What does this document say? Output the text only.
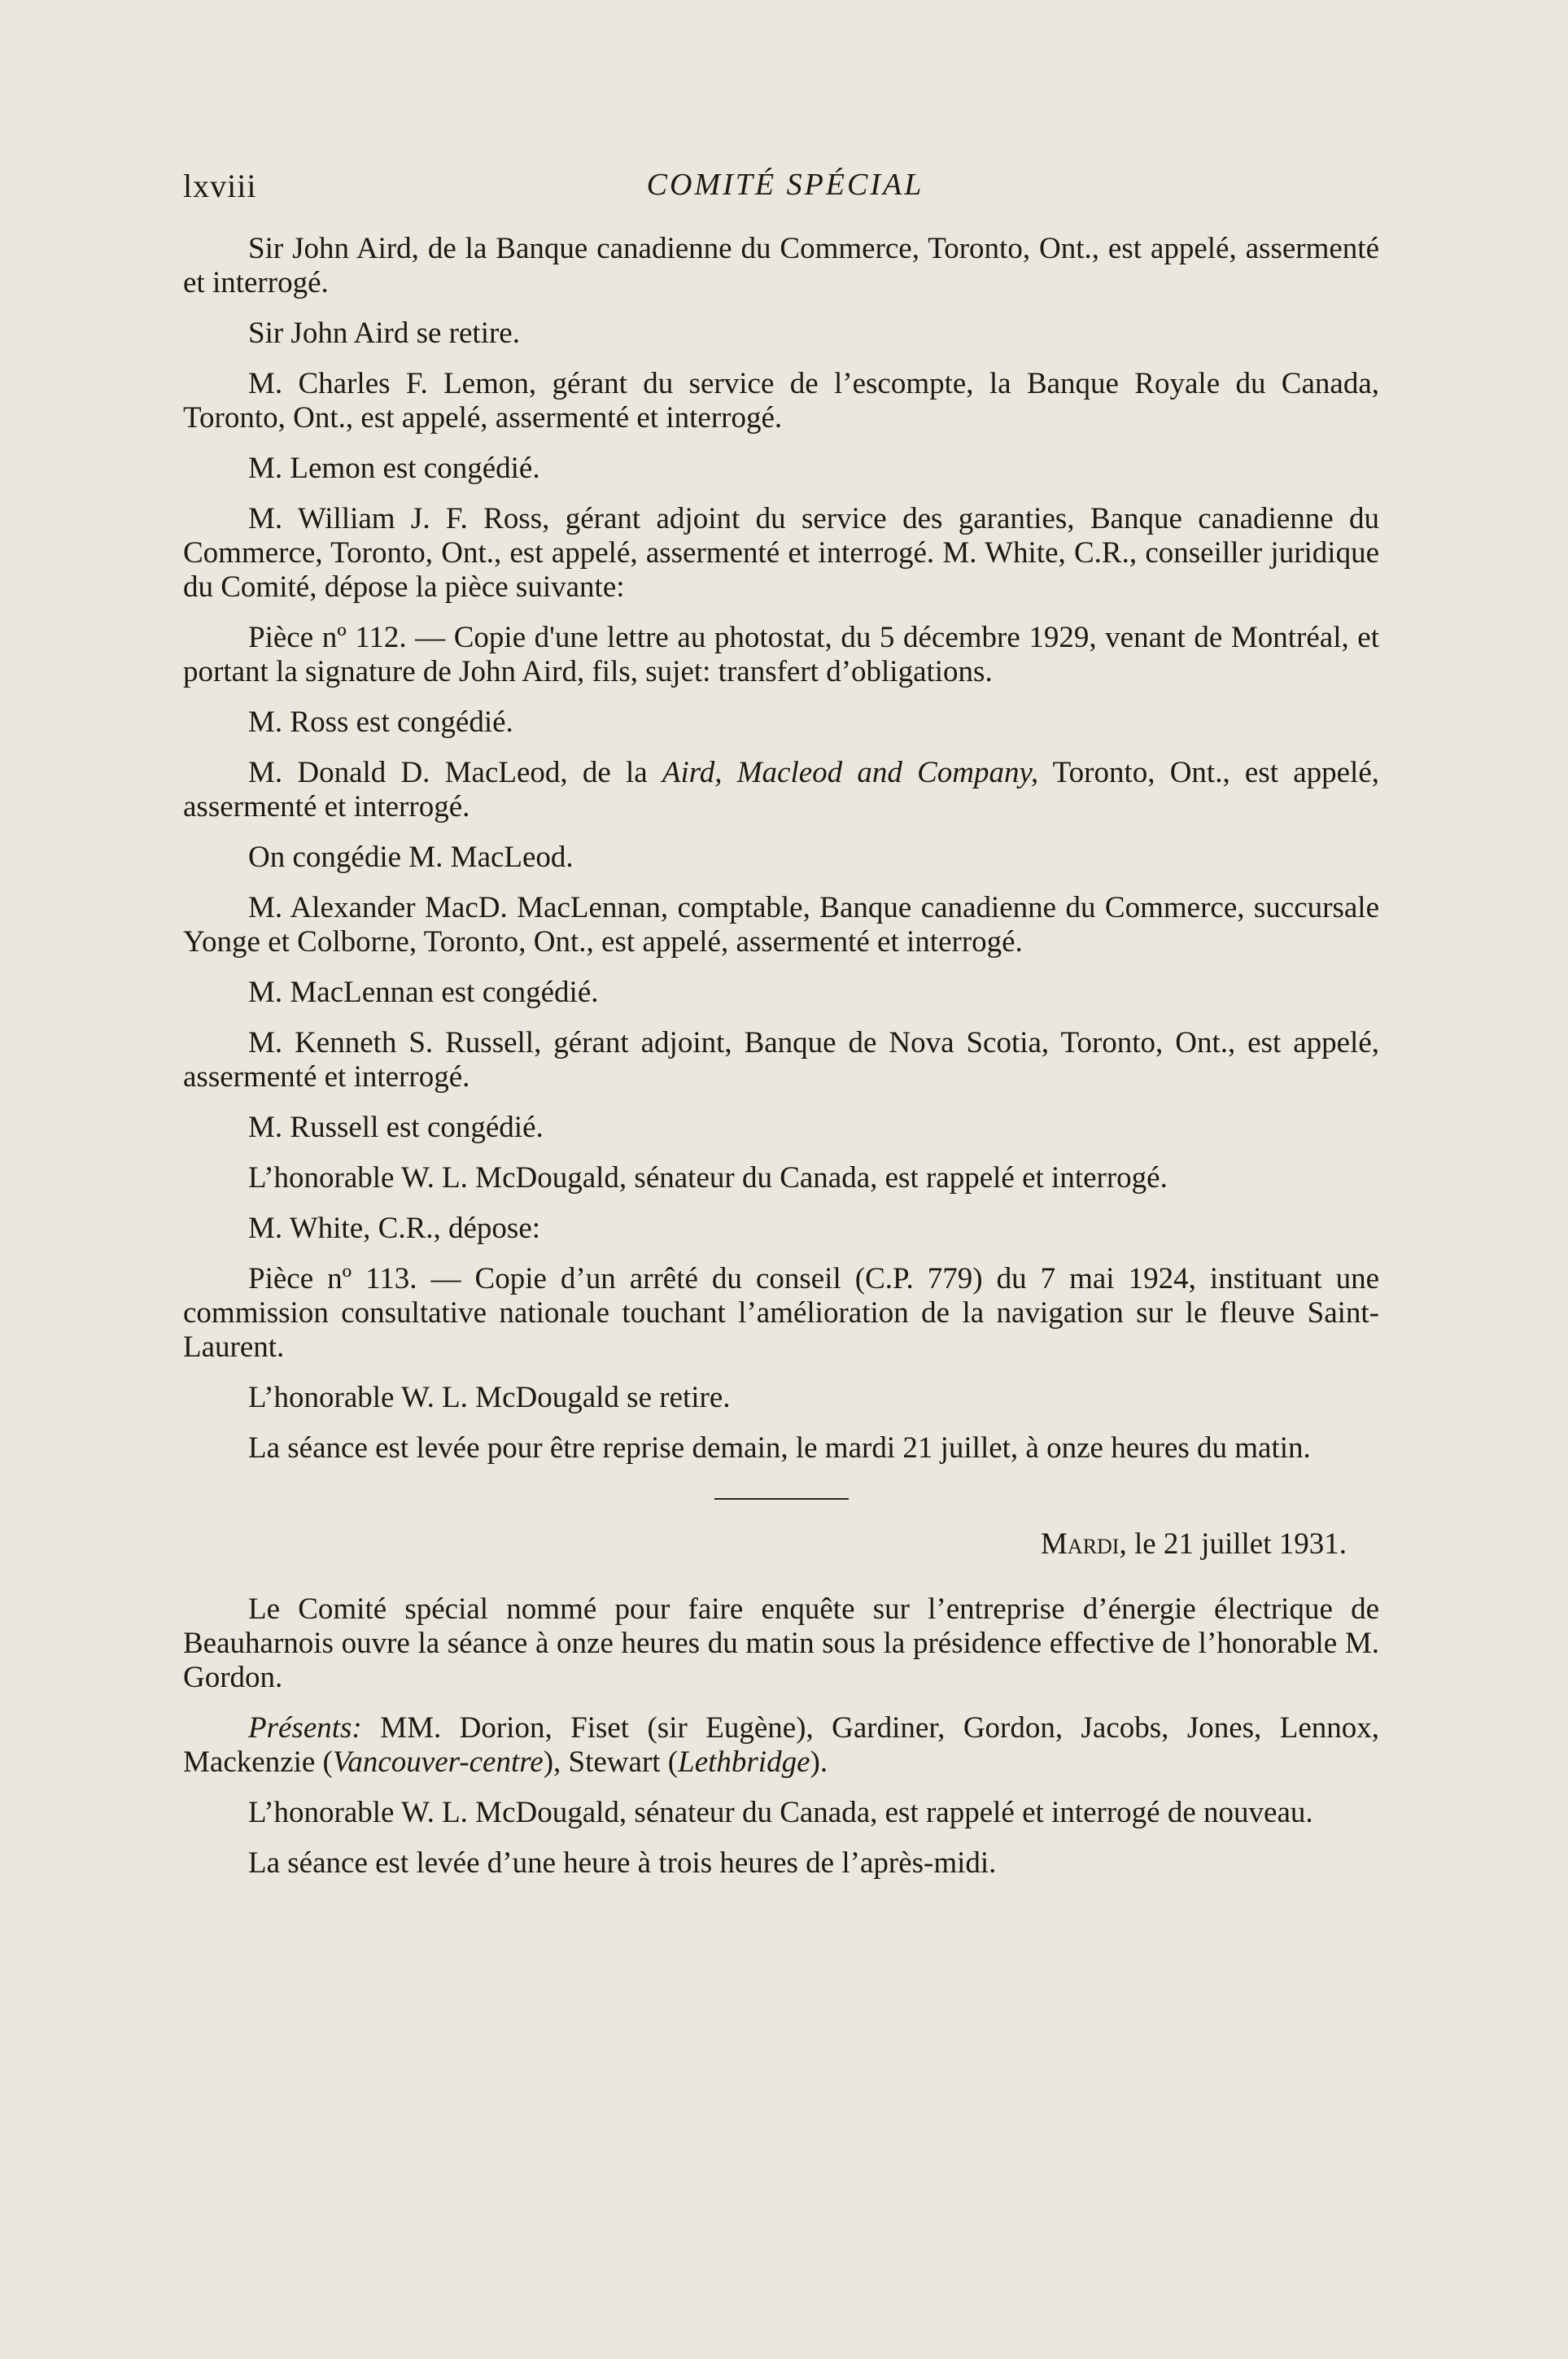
lxviii	COMITÉ SPÉCIAL

Sir John Aird, de la Banque canadienne du Commerce, Toronto, Ont., est appelé, assermenté et interrogé.

Sir John Aird se retire.

M. Charles F. Lemon, gérant du service de l’escompte, la Banque Royale du Canada, Toronto, Ont., est appelé, assermenté et interrogé.

M. Lemon est congédié.

M. William J. F. Ross, gérant adjoint du service des garanties, Banque canadienne du Commerce, Toronto, Ont., est appelé, assermenté et interrogé. M. White, C.R., conseiller juridique du Comité, dépose la pièce suivante:

Pièce nº 112. — Copie d'une lettre au photostat, du 5 décembre 1929, venant de Montréal, et portant la signature de John Aird, fils, sujet: transfert d’obligations.

M. Ross est congédié.

M. Donald D. MacLeod, de la Aird, Macleod and Company, Toronto, Ont., est appelé, assermenté et interrogé.

On congédie M. MacLeod.

M. Alexander MacD. MacLennan, comptable, Banque canadienne du Commerce, succursale Yonge et Colborne, Toronto, Ont., est appelé, assermenté et interrogé.

M. MacLennan est congédié.

M. Kenneth S. Russell, gérant adjoint, Banque de Nova Scotia, Toronto, Ont., est appelé, assermenté et interrogé.

M. Russell est congédié.

L’honorable W. L. McDougald, sénateur du Canada, est rappelé et interrogé.

M. White, C.R., dépose:

Pièce nº 113. — Copie d’un arrêté du conseil (C.P. 779) du 7 mai 1924, instituant une commission consultative nationale touchant l’amélioration de la navigation sur le fleuve Saint-Laurent.

L’honorable W. L. McDougald se retire.

La séance est levée pour être reprise demain, le mardi 21 juillet, à onze heures du matin.

Mardi, le 21 juillet 1931.

Le Comité spécial nommé pour faire enquête sur l’entreprise d’énergie électrique de Beauharnois ouvre la séance à onze heures du matin sous la présidence effective de l’honorable M. Gordon.

Présents: MM. Dorion, Fiset (sir Eugène), Gardiner, Gordon, Jacobs, Jones, Lennox, Mackenzie (Vancouver-centre), Stewart (Lethbridge).

L’honorable W. L. McDougald, sénateur du Canada, est rappelé et interrogé de nouveau.

La séance est levée d’une heure à trois heures de l’après-midi.
